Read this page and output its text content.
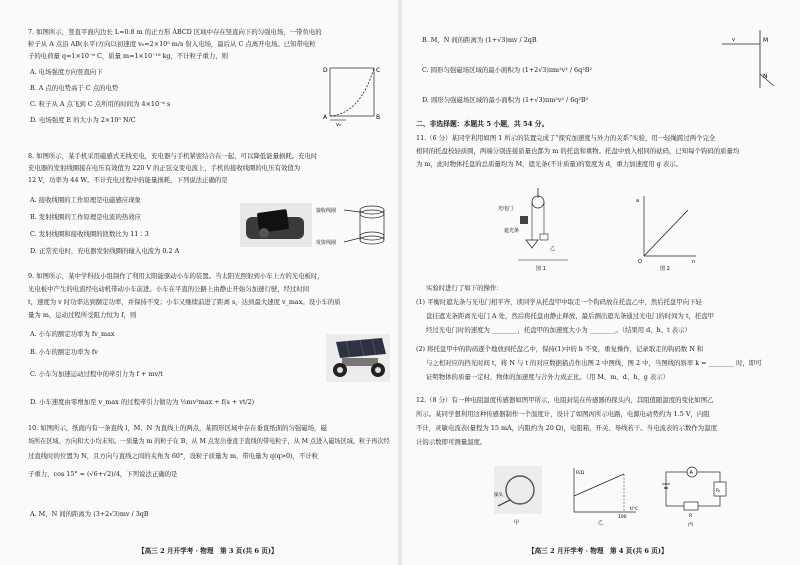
7. 如图所示，竖直平面内边长 L=0.8 m 的正方形 ABCD 区域中存在竖直向下的匀强电场，一带负电的
粒子从 A 点沿 AB(水平)方向以初速度 v₀=2×10⁵ m/s 射入电场，最后从 C 点离开电场。已知带电粒
子的电荷量 q=1×10⁻⁶ C，质量 m=1×10⁻¹⁸ kg，不计粒子重力，则
A. 电场强度方向竖直向下
B. A 点的电势高于 C 点的电势
C. 粒子从 A 点飞到 C 点所用的时间为 4×10⁻⁶ s
D. 电场强度 E 的大小为 2×10⁵ N/C
D	C
A	B
v₀
8. 如图所示，某手机采用磁感式无线充电，充电器与手机紧密结合在一起，可以降低能量损耗。充电时
充电器的发射线圈接在电压有效值为 220 V 的正弦交变电流上，手机的接收线圈的电压有效值为
12 V，功率为 44 W。不计充电过程中的能量损耗，下列说法正确的是
A. 接收线圈的工作原理是电磁感应现象
B. 发射线圈的工作原理是电流的热效应
C. 发射线圈和接收线圈的匝数比为 11∶3
D. 正常充电时，充电器发射线圈的输入电流为 0.2 A
接收线圈
发射线圈
9. 如图所示，某中学科技小组制作了利用太阳能驱动小车的装置。当太阳光照射到小车上方的光电板时，
光电板中产生的电流经电动机带动小车前进。小车在平直的公路上由静止开始匀加速行驶，经过时间
t，速度为 v 时功率达到额定功率，并保持不变；小车又继续前进了距离 s，达到最大速度 v_max。设小车的质
量为 m，运动过程所受阻力恒为 f，则
A. 小车的额定功率为 fv_max
B. 小车的额定功率为 fv
C. 小车匀加速运动过程中的牵引力为 f + mv/t
D. 小车速度由零增加至 v_max 的过程牵引力做功为 ½mv²max + f(s + vt/2)
10. 如图所示，纸面内有一条直线 l，M、N 为直线上的两点，某圆形区域中存在垂直纸面的匀强磁场，磁
场所在区域、方向和大小均未知。一质量为 m 的粒子在 B，从 M 点发出垂直于直线的带电粒子，从 M 点进入磁场区域。粒子再次经
过直线时的位置为 N，且方向与直线之间的夹角为 60°，设粒子质量为 m，带电量为 q(q>0)，不计粒
子重力，cos 15° = (√6+√2)/4，下列说法正确的是
A. M、N 间的距离为 (3+2√3)mv / 3qB
【高三 2 月开学考 · 物理　第 3 页(共 6 页)】
B. M、N 间的距离为 (1+√3)mv / 2qB
C. 圆形匀强磁场区域的最小面积为 (1+2√3)πm²v² / 6q²B²
D. 圆形匀强磁场区域的最小面积为 (1+√3)πm²v² / 6q²B²
M
N
v
二、非选择题：本题共 5 小题，共 54 分。
11.（6 分）某同学利用如图 1 所示的装置完成了“探究加速度与外力的关系”实验，用一轻绳跨过两个完全
相同的托盘校轻质圆，两端分别连接质量也都为 m 的托盘和重物。托盘中放入相同的砝码，已知每个钩码的质量均
为 m，此时物体托盘的总质量均为 M，遮光条(不计质量)的宽度为 d，重力加速度用 g 表示。
光电门
遮光条
乙
图 1
a
n
O
图 2
实验时进行了如下的操作：
(1) 平衡时遮光条与光电门相平齐，读同学从托盘甲中取走一个钩码放在托盘乙中，然后托盘甲向下轻
盘挂遮光条距离光电门 A 处，然后将托盘由静止释放，最后测出遮光条通过光电门的时间为 t，托盘甲
经过光电门时的速度为 ________，托盘甲的加速度大小为 ________。（结果用 d、h、t 表示）
(2) 将托盘甲中的钩码逐个地放到托盘乙中，保持(1)中的 h 不变，重复操作，记录取走的钩码数 N 和
与之相对应的挡光时间 t，将 N 与 t 的对应数据描点作出图 2 中图线，图 2 中，当图线的斜率 k = ________ 时，即可
证明物体的质量一定时，物体的加速度与合外力成正比。（用 M、m、d、h、g 表示）
12.（8 分）有一种电阻温度传感器如图甲所示，电阻封装在传感器的探头内，其阻值随温度的变化如图乙
所示。某同学想利用这种传感器制作一个温度计，设计了如图丙所示电路，电源电动势约为 1.5 V，内阻
不计，灵敏电流表(量程为 15 mA，内阻约为 20 Ω)，电阻箱，开关、导线若干。当电流表的示数作为温度
计的示数即可测量温度。
探头
甲
R/Ω
100
t/℃
乙
A
Rₜ
R
丙
【高三 2 月开学考 · 物理　第 4 页(共 6 页)】
